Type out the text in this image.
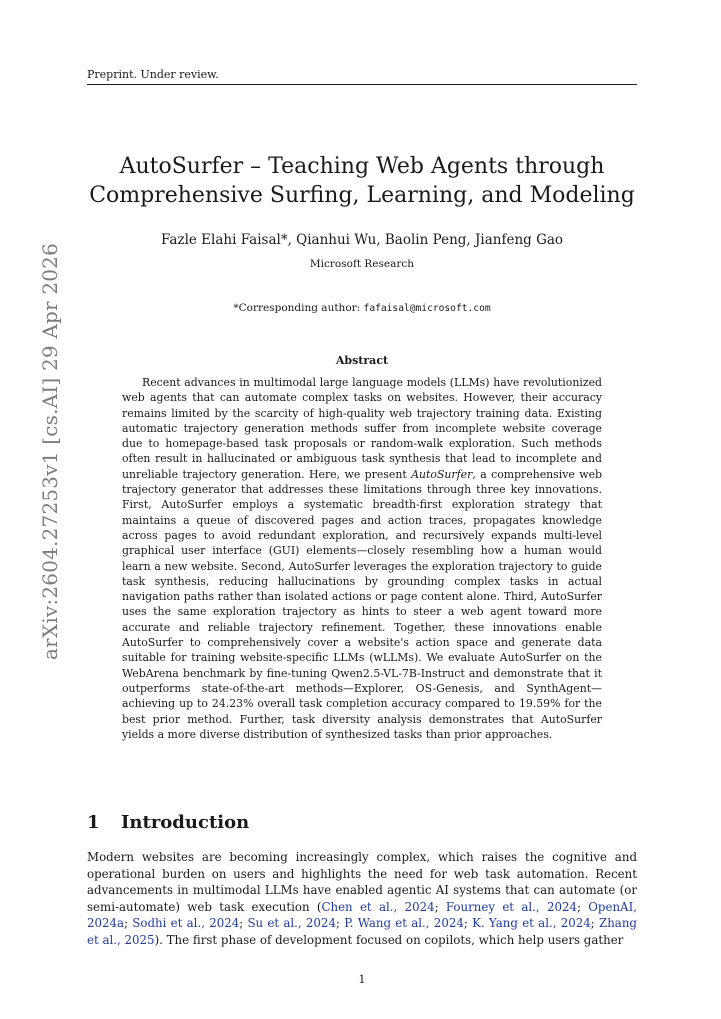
Preprint. Under review.
arXiv:2604.27253v1 [cs.AI] 29 Apr 2026
AutoSurfer – Teaching Web Agents through
Comprehensive Surfing, Learning, and Modeling
Fazle Elahi Faisal*, Qianhui Wu, Baolin Peng, Jianfeng Gao
Microsoft Research
*Corresponding author: fafaisal@microsoft.com
Abstract
Recent advances in multimodal large language models (LLMs) have revolutionized web agents that can automate complex tasks on websites. However, their accuracy remains limited by the scarcity of high-quality web trajectory training data. Existing automatic trajectory generation methods suffer from incomplete website coverage due to homepage-based task proposals or random-walk exploration. Such methods often result in hallucinated or ambiguous task synthesis that lead to incomplete and unreliable trajectory generation. Here, we present AutoSurfer, a comprehensive web trajectory generator that addresses these limitations through three key innovations. First, AutoSurfer employs a systematic breadth-first exploration strategy that maintains a queue of discovered pages and action traces, propagates knowledge across pages to avoid redundant exploration, and recursively expands multi-level graphical user interface (GUI) elements—closely resembling how a human would learn a new website. Second, AutoSurfer leverages the exploration trajectory to guide task synthesis, reducing hallucinations by grounding complex tasks in actual navigation paths rather than isolated actions or page content alone. Third, AutoSurfer uses the same exploration trajectory as hints to steer a web agent toward more accurate and reliable trajectory refinement. Together, these innovations enable AutoSurfer to comprehensively cover a website's action space and generate data suitable for training website-specific LLMs (wLLMs). We evaluate AutoSurfer on the WebArena benchmark by fine-tuning Qwen2.5-VL-7B-Instruct and demonstrate that it outperforms state-of-the-art methods—Explorer, OS-Genesis, and SynthAgent—achieving up to 24.23% overall task completion accuracy compared to 19.59% for the best prior method. Further, task diversity analysis demonstrates that AutoSurfer yields a more diverse distribution of synthesized tasks than prior approaches.
1 Introduction
Modern websites are becoming increasingly complex, which raises the cognitive and operational burden on users and highlights the need for web task automation. Recent advancements in multimodal LLMs have enabled agentic AI systems that can automate (or semi-automate) web task execution (Chen et al., 2024; Fourney et al., 2024; OpenAI, 2024a; Sodhi et al., 2024; Su et al., 2024; P. Wang et al., 2024; K. Yang et al., 2024; Zhang et al., 2025). The first phase of development focused on copilots, which help users gather
1
